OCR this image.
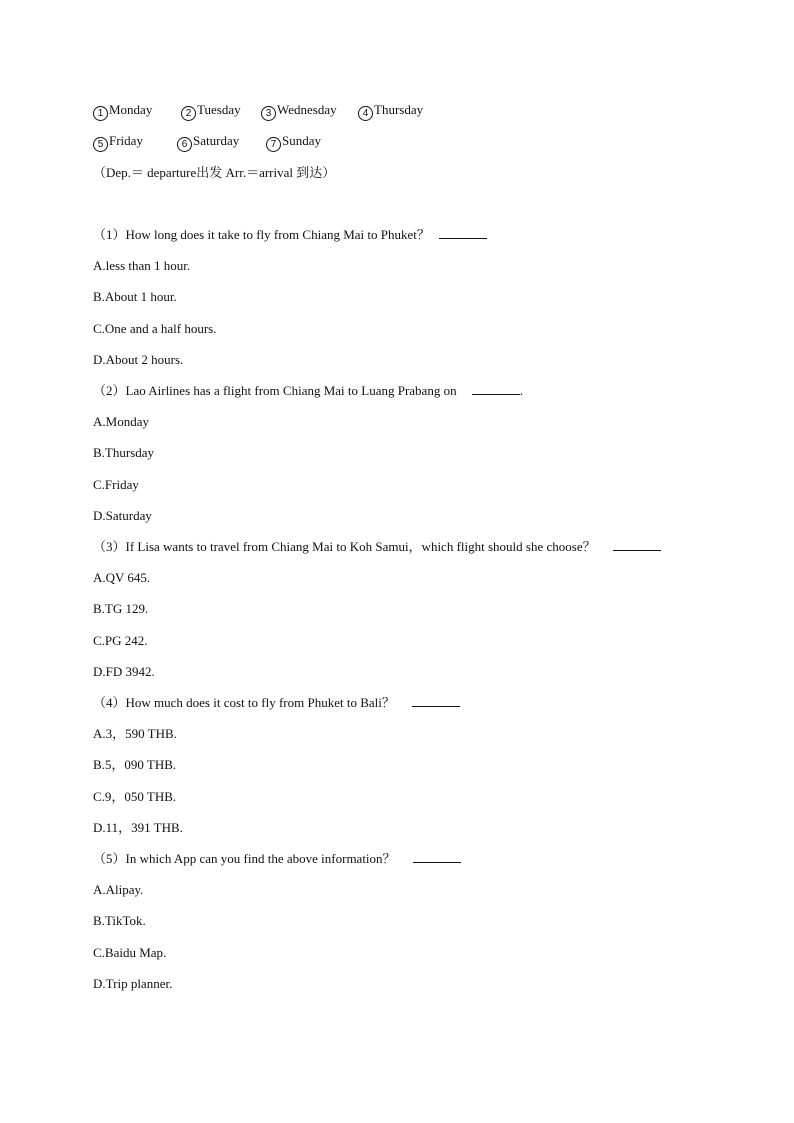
1 Monday	2 Tuesday	3 Wednesday	4 Thursday
5 Friday	6 Saturday	7 Sunday
（Dep.＝ departure出发 Arr.＝arrival 到达）
（1）How long does it take to fly from Chiang Mai to Phuket？
A.less than 1 hour.
B.About 1 hour.
C.One and a half hours.
D.About 2 hours.
（2）Lao Airlines has a flight from Chiang Mai to Luang Prabang on	.
A.Monday
B.Thursday
C.Friday
D.Saturday
（3）If Lisa wants to travel from Chiang Mai to Koh Samui，which flight should she choose？
A.QV 645.
B.TG 129.
C.PG 242.
D.FD 3942.
（4）How much does it cost to fly from Phuket to Bali？
A.3，590 THB.
B.5，090 THB.
C.9，050 THB.
D.11，391 THB.
（5）In which App can you find the above information？
A.Alipay.
B.TikTok.
C.Baidu Map.
D.Trip planner.
